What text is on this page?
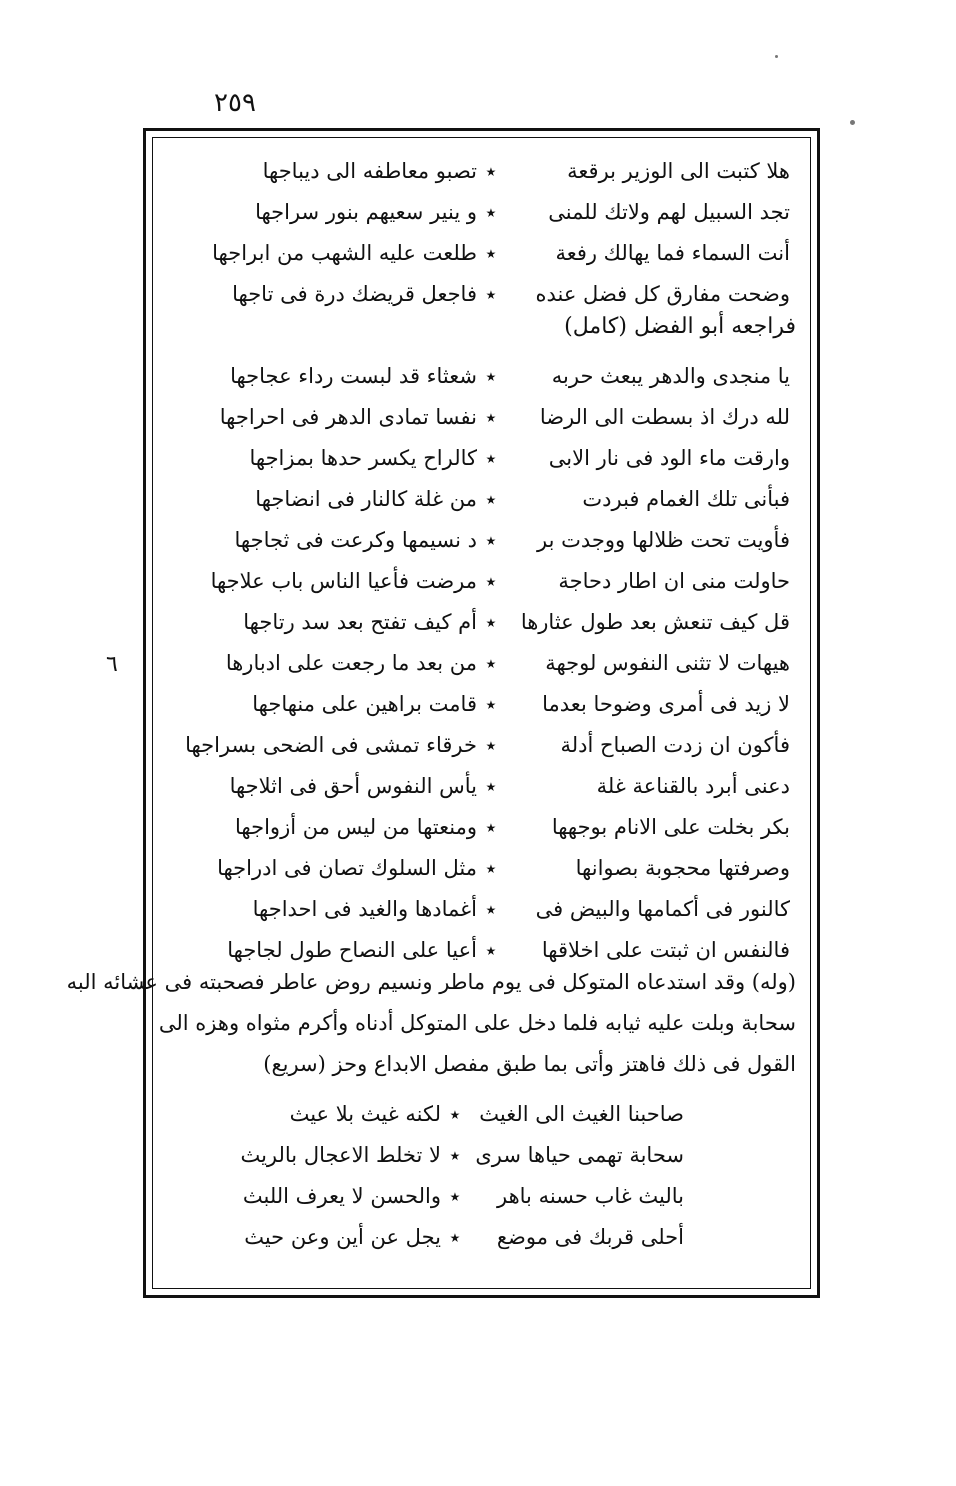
٢٥٩
٦
هلا كتبت الى الوزير برقعة
٭
تصبو معاطفه الى ديباجها
تجد السبيل لهم ولاتك للمنى
٭
و ينير سعيهم بنور سراجها
أنت السماء فما يهالك رفعة
٭
طلعت عليه الشهب من ابراجها
وضحت مفارق كل فضل عنده
٭
فاجعل قريضك درة فى تاجها
فراجعه أبو الفضل (كامل)
يا منجدى والدهر يبعث حربه
٭
شعثاء قد لبست رداء عجاجها
لله درك اذ بسطت الى الرضا
٭
نفسا تمادى الدهر فى احراجها
وارقت ماء الود فى نار الابى
٭
كالراح يكسر حدها بمزاجها
فبأنى تلك الغمام فبردت
٭
من غلة كالنار فى انضاجها
فأويت تحت ظلالها ووجدت بر
٭
د نسيمها وكرعت فى ثجاجها
حاولت منى ان اطار دحاجة
٭
مرضت فأعيا الناس باب علاجها
قل كيف تنعش بعد طول عثارها
٭
أم كيف تفتح بعد سد رتاجها
هيهات لا تثنى النفوس لوجهة
٭
من بعد ما رجعت على ادبارها
لا زيد فى أمرى وضوحا بعدما
٭
قامت براهين على منهاجها
فأكون ان زدت الصباح أدلة
٭
خرقاء تمشى فى الضحى بسراجها
دعنى أبرد بالقناعة غلة
٭
يأس النفوس أحق فى اثلاجها
بكر بخلت على الانام بوجهها
٭
ومنعتها من ليس من أزواجها
وصرفتها محجوبة بصوانها
٭
مثل السلوك تصان فى ادراجها
كالنور فى أكمامها والبيض فى
٭
أغمادها والغيد فى احداجها
فالنفس ان ثبتت على اخلاقها
٭
أعيا على النصاح طول لجاجها
(وله) وقد استدعاه المتوكل فى يوم ماطر ونسيم روض عاطر فصحبته فى عشائه البه
سحابة وبلت عليه ثيابه فلما دخل على المتوكل أدناه وأكرم مثواه وهزه الى
القول فى ذلك فاهتز وأتى بما طبق مفصل الابداع وحز (سريع)
صاحبنا الغيث الى الغيث
٭
لكنه غيث بلا عيث
سحابة تهمى حياها سرى
٭
لا تخلط الاعجال بالريث
باليث غاب حسنه باهر
٭
والحسن لا يعرف اللبث
أحلى قربك فى موضع
٭
يجل عن أين وعن حيث
